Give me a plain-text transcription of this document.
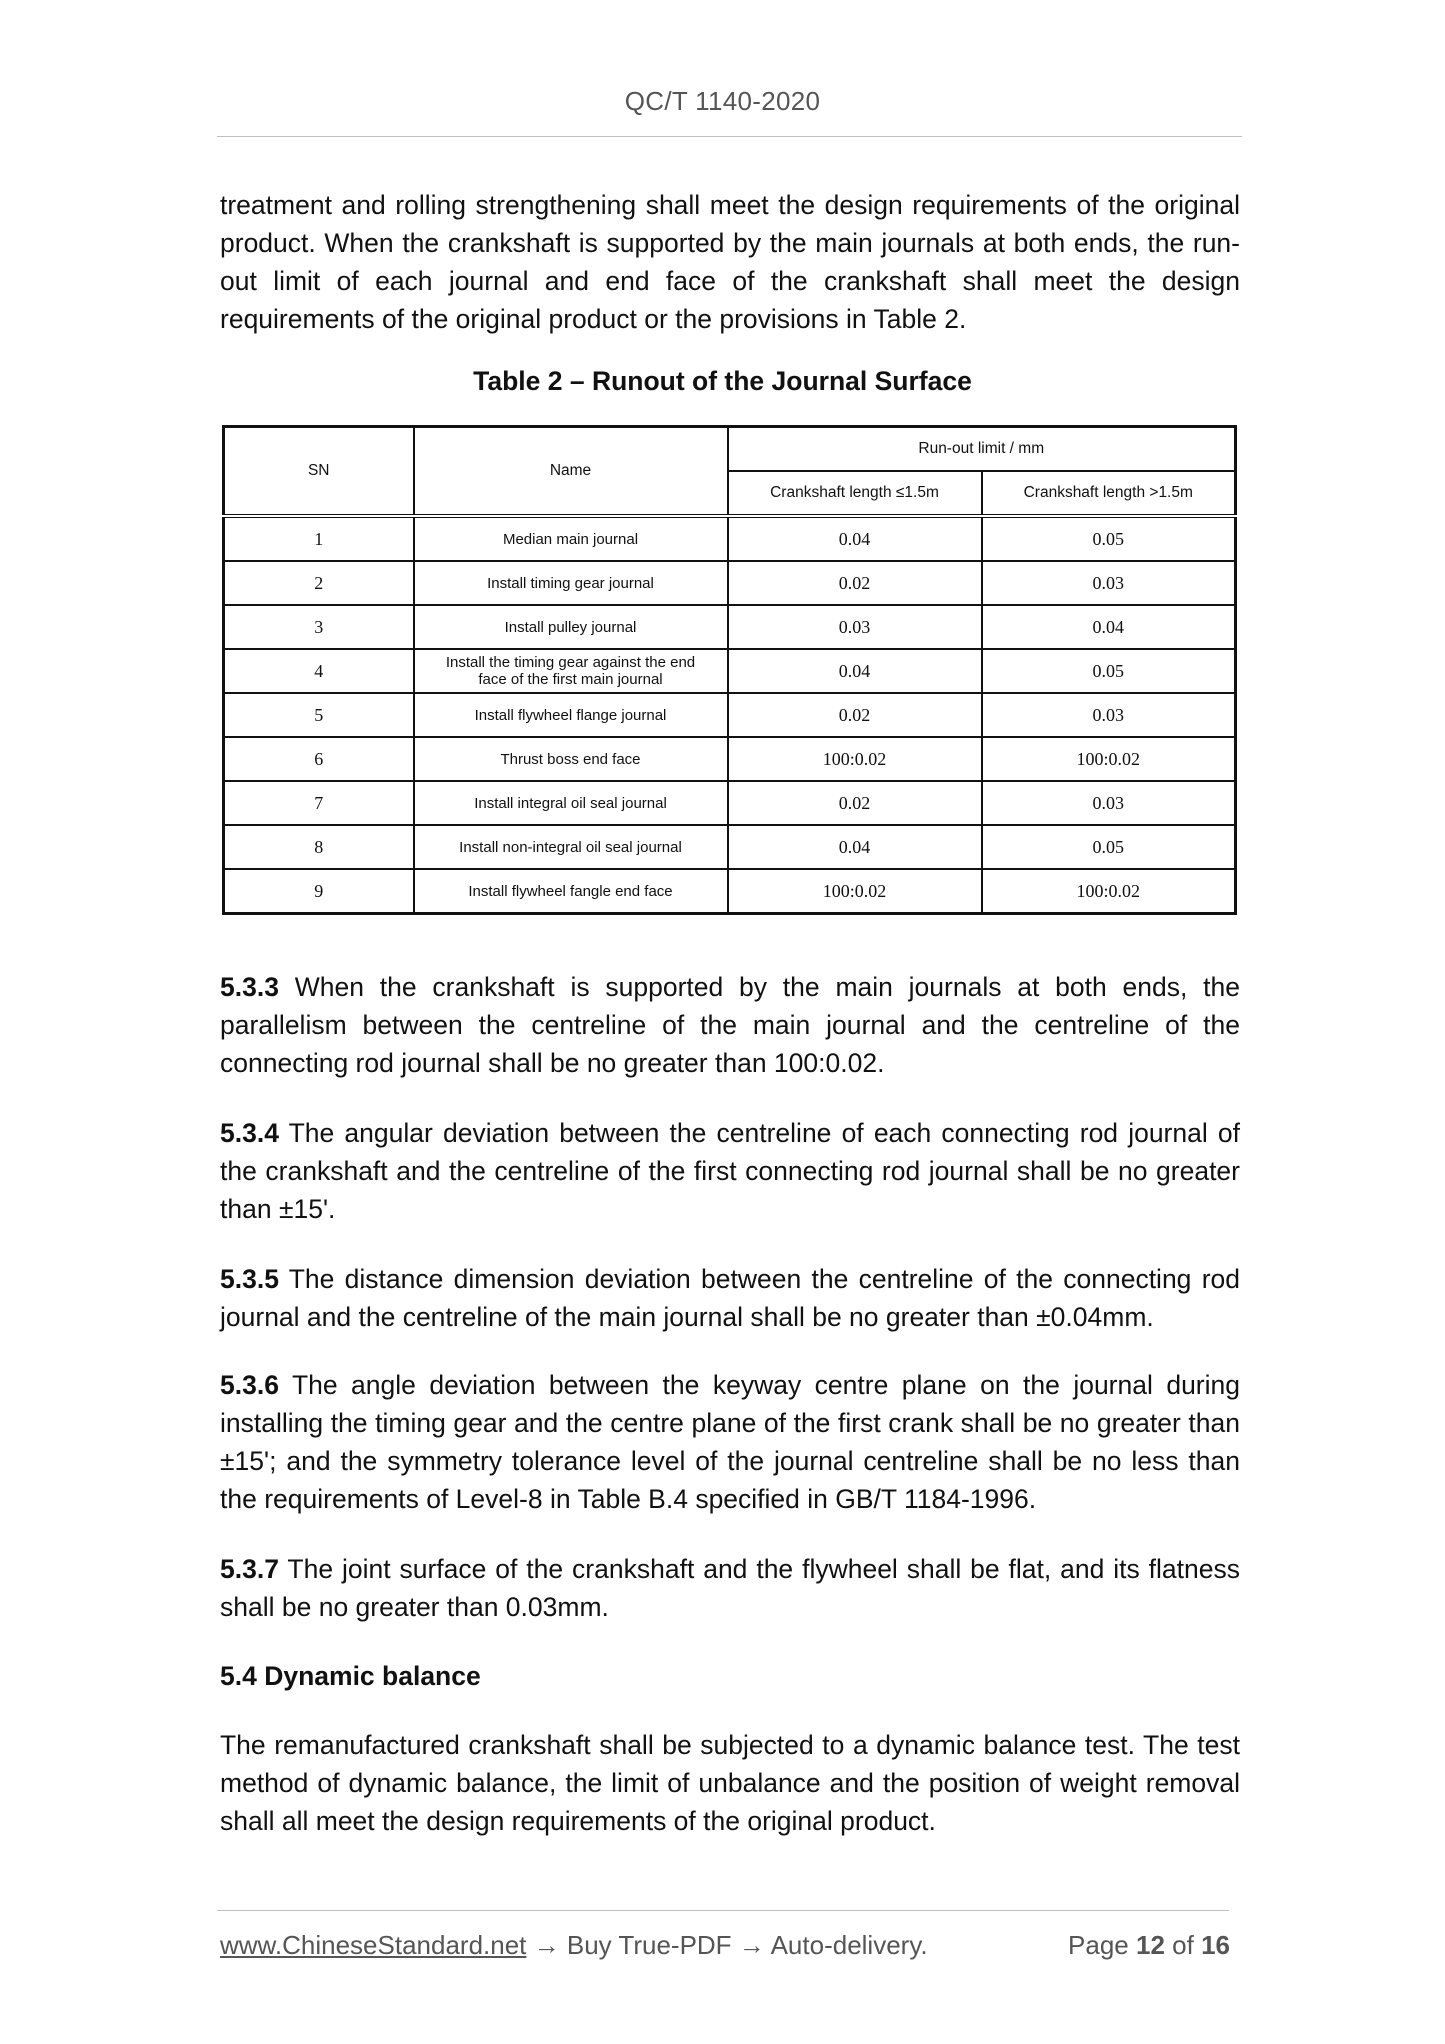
QC/T 1140-2020

treatment and rolling strengthening shall meet the design requirements of the original product. When the crankshaft is supported by the main journals at both ends, the run-out limit of each journal and end face of the crankshaft shall meet the design requirements of the original product or the provisions in Table 2.

Table 2 – Runout of the Journal Surface

SN	Name	Run-out limit / mm	
		Crankshaft length ≤1.5m	Crankshaft length >1.5m
1	Median main journal	0.04	0.05
2	Install timing gear journal	0.02	0.03
3	Install pulley journal	0.03	0.04
4	Install the timing gear against the end face of the first main journal	0.04	0.05
5	Install flywheel flange journal	0.02	0.03
6	Thrust boss end face	100:0.02	100:0.02
7	Install integral oil seal journal	0.02	0.03
8	Install non-integral oil seal journal	0.04	0.05
9	Install flywheel fangle end face	100:0.02	100:0.02

5.3.3 When the crankshaft is supported by the main journals at both ends, the parallelism between the centreline of the main journal and the centreline of the connecting rod journal shall be no greater than 100:0.02.

5.3.4 The angular deviation between the centreline of each connecting rod journal of the crankshaft and the centreline of the first connecting rod journal shall be no greater than ±15'.

5.3.5 The distance dimension deviation between the centreline of the connecting rod journal and the centreline of the main journal shall be no greater than ±0.04mm.

5.3.6 The angle deviation between the keyway centre plane on the journal during installing the timing gear and the centre plane of the first crank shall be no greater than ±15'; and the symmetry tolerance level of the journal centreline shall be no less than the requirements of Level-8 in Table B.4 specified in GB/T 1184-1996.

5.3.7 The joint surface of the crankshaft and the flywheel shall be flat, and its flatness shall be no greater than 0.03mm.

5.4 Dynamic balance

The remanufactured crankshaft shall be subjected to a dynamic balance test. The test method of dynamic balance, the limit of unbalance and the position of weight removal shall all meet the design requirements of the original product.

www.ChineseStandard.net → Buy True-PDF → Auto-delivery.	Page 12 of 16
